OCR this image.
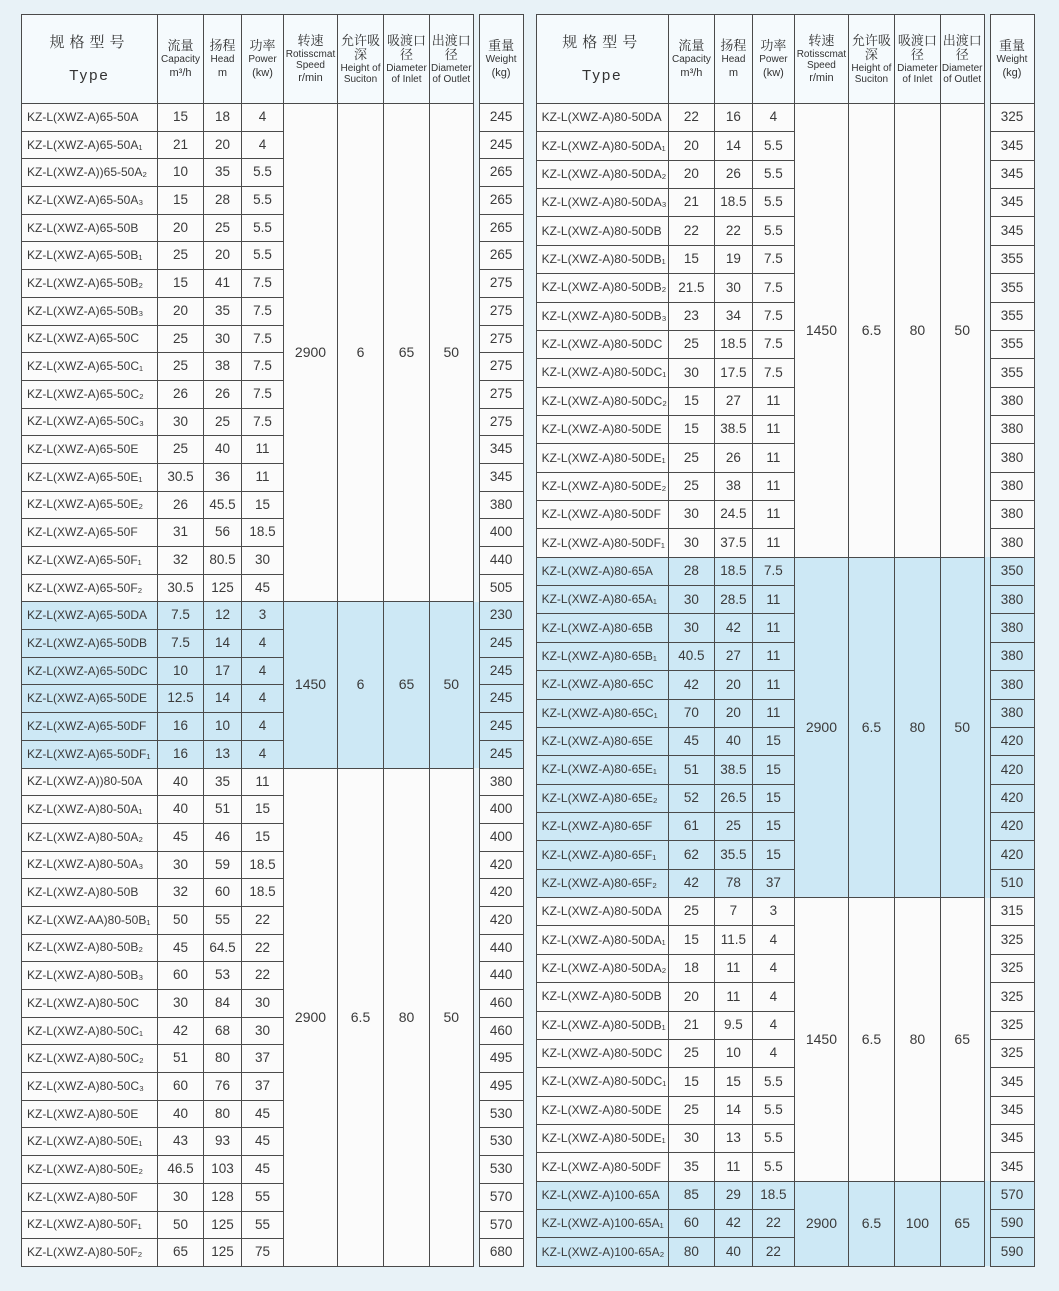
规格型号
Type

流量
Capacity
m³/h

扬程
Head
m

功率
Power
(kw)

转速
Rotisscmat Speed
r/min

允许吸深
Height of Suciton

吸渡口径
Diameter of Inlet

出渡口径
Diameter of Outlet

重量
Weight
(kg)

KZ-L(XWZ-A)65-50A	15	18	4	2900	6	65	50		245
KZ-L(XWZ-A)65-50A₁	21	20	4						245
KZ-L(XWZ-A))65-50A₂	10	35	5.5						265
KZ-L(XWZ-A)65-50A₃	15	28	5.5						265
KZ-L(XWZ-A)65-50B	20	25	5.5						265
KZ-L(XWZ-A)65-50B₁	25	20	5.5						265
KZ-L(XWZ-A)65-50B₂	15	41	7.5						275
KZ-L(XWZ-A)65-50B₃	20	35	7.5						275
KZ-L(XWZ-A)65-50C	25	30	7.5						275
KZ-L(XWZ-A)65-50C₁	25	38	7.5						275
KZ-L(XWZ-A)65-50C₂	26	26	7.5						275
KZ-L(XWZ-A)65-50C₃	30	25	7.5						275
KZ-L(XWZ-A)65-50E	25	40	11						345
KZ-L(XWZ-A)65-50E₁	30.5	36	11						345
KZ-L(XWZ-A)65-50E₂	26	45.5	15						380
KZ-L(XWZ-A)65-50F	31	56	18.5						400
KZ-L(XWZ-A)65-50F₁	32	80.5	30						440
KZ-L(XWZ-A)65-50F₂	30.5	125	45						505
KZ-L(XWZ-A)65-50DA	7.5	12	3	1450	6	65	50		230
KZ-L(XWZ-A)65-50DB	7.5	14	4						245
KZ-L(XWZ-A)65-50DC	10	17	4						245
KZ-L(XWZ-A)65-50DE	12.5	14	4						245
KZ-L(XWZ-A)65-50DF	16	10	4						245
KZ-L(XWZ-A)65-50DF₁	16	13	4						245
KZ-L(XWZ-A))80-50A	40	35	11	2900	6.5	80	50		380
KZ-L(XWZ-A)80-50A₁	40	51	15						400
KZ-L(XWZ-A)80-50A₂	45	46	15						400
KZ-L(XWZ-A)80-50A₃	30	59	18.5						420
KZ-L(XWZ-A)80-50B	32	60	18.5						420
KZ-L(XWZ-AA)80-50B₁	50	55	22						420
KZ-L(XWZ-A)80-50B₂	45	64.5	22						440
KZ-L(XWZ-A)80-50B₃	60	53	22						440
KZ-L(XWZ-A)80-50C	30	84	30						460
KZ-L(XWZ-A)80-50C₁	42	68	30						460
KZ-L(XWZ-A)80-50C₂	51	80	37						495
KZ-L(XWZ-A)80-50C₃	60	76	37						495
KZ-L(XWZ-A)80-50E	40	80	45						530
KZ-L(XWZ-A)80-50E₁	43	93	45						530
KZ-L(XWZ-A)80-50E₂	46.5	103	45						530
KZ-L(XWZ-A)80-50F	30	128	55						570
KZ-L(XWZ-A)80-50F₁	50	125	55						570
KZ-L(XWZ-A)80-50F₂	65	125	75						680
规格型号
Type

流量
Capacity
m³/h

扬程
Head
m

功率
Power
(kw)

转速
Rotisscmat Speed
r/min

允许吸深
Height of Suciton

吸渡口径
Diameter of Inlet

出渡口径
Diameter of Outlet

重量
Weight
(kg)

KZ-L(XWZ-A)80-50DA	22	16	4	1450	6.5	80	50		325
KZ-L(XWZ-A)80-50DA₁	20	14	5.5						345
KZ-L(XWZ-A)80-50DA₂	20	26	5.5						345
KZ-L(XWZ-A)80-50DA₃	21	18.5	5.5						345
KZ-L(XWZ-A)80-50DB	22	22	5.5						345
KZ-L(XWZ-A)80-50DB₁	15	19	7.5						355
KZ-L(XWZ-A)80-50DB₂	21.5	30	7.5						355
KZ-L(XWZ-A)80-50DB₃	23	34	7.5						355
KZ-L(XWZ-A)80-50DC	25	18.5	7.5						355
KZ-L(XWZ-A)80-50DC₁	30	17.5	7.5						355
KZ-L(XWZ-A)80-50DC₂	15	27	11						380
KZ-L(XWZ-A)80-50DE	15	38.5	11						380
KZ-L(XWZ-A)80-50DE₁	25	26	11						380
KZ-L(XWZ-A)80-50DE₂	25	38	11						380
KZ-L(XWZ-A)80-50DF	30	24.5	11						380
KZ-L(XWZ-A)80-50DF₁	30	37.5	11						380
KZ-L(XWZ-A)80-65A	28	18.5	7.5	2900	6.5	80	50		350
KZ-L(XWZ-A)80-65A₁	30	28.5	11						380
KZ-L(XWZ-A)80-65B	30	42	11						380
KZ-L(XWZ-A)80-65B₁	40.5	27	11						380
KZ-L(XWZ-A)80-65C	42	20	11						380
KZ-L(XWZ-A)80-65C₁	70	20	11						380
KZ-L(XWZ-A)80-65E	45	40	15						420
KZ-L(XWZ-A)80-65E₁	51	38.5	15						420
KZ-L(XWZ-A)80-65E₂	52	26.5	15						420
KZ-L(XWZ-A)80-65F	61	25	15						420
KZ-L(XWZ-A)80-65F₁	62	35.5	15						420
KZ-L(XWZ-A)80-65F₂	42	78	37						510
KZ-L(XWZ-A)80-50DA	25	7	3	1450	6.5	80	65		315
KZ-L(XWZ-A)80-50DA₁	15	11.5	4						325
KZ-L(XWZ-A)80-50DA₂	18	11	4						325
KZ-L(XWZ-A)80-50DB	20	11	4						325
KZ-L(XWZ-A)80-50DB₁	21	9.5	4						325
KZ-L(XWZ-A)80-50DC	25	10	4						325
KZ-L(XWZ-A)80-50DC₁	15	15	5.5						345
KZ-L(XWZ-A)80-50DE	25	14	5.5						345
KZ-L(XWZ-A)80-50DE₁	30	13	5.5						345
KZ-L(XWZ-A)80-50DF	35	11	5.5						345
KZ-L(XWZ-A)100-65A	85	29	18.5	2900	6.5	100	65		570
KZ-L(XWZ-A)100-65A₁	60	42	22						590
KZ-L(XWZ-A)100-65A₂	80	40	22						590
